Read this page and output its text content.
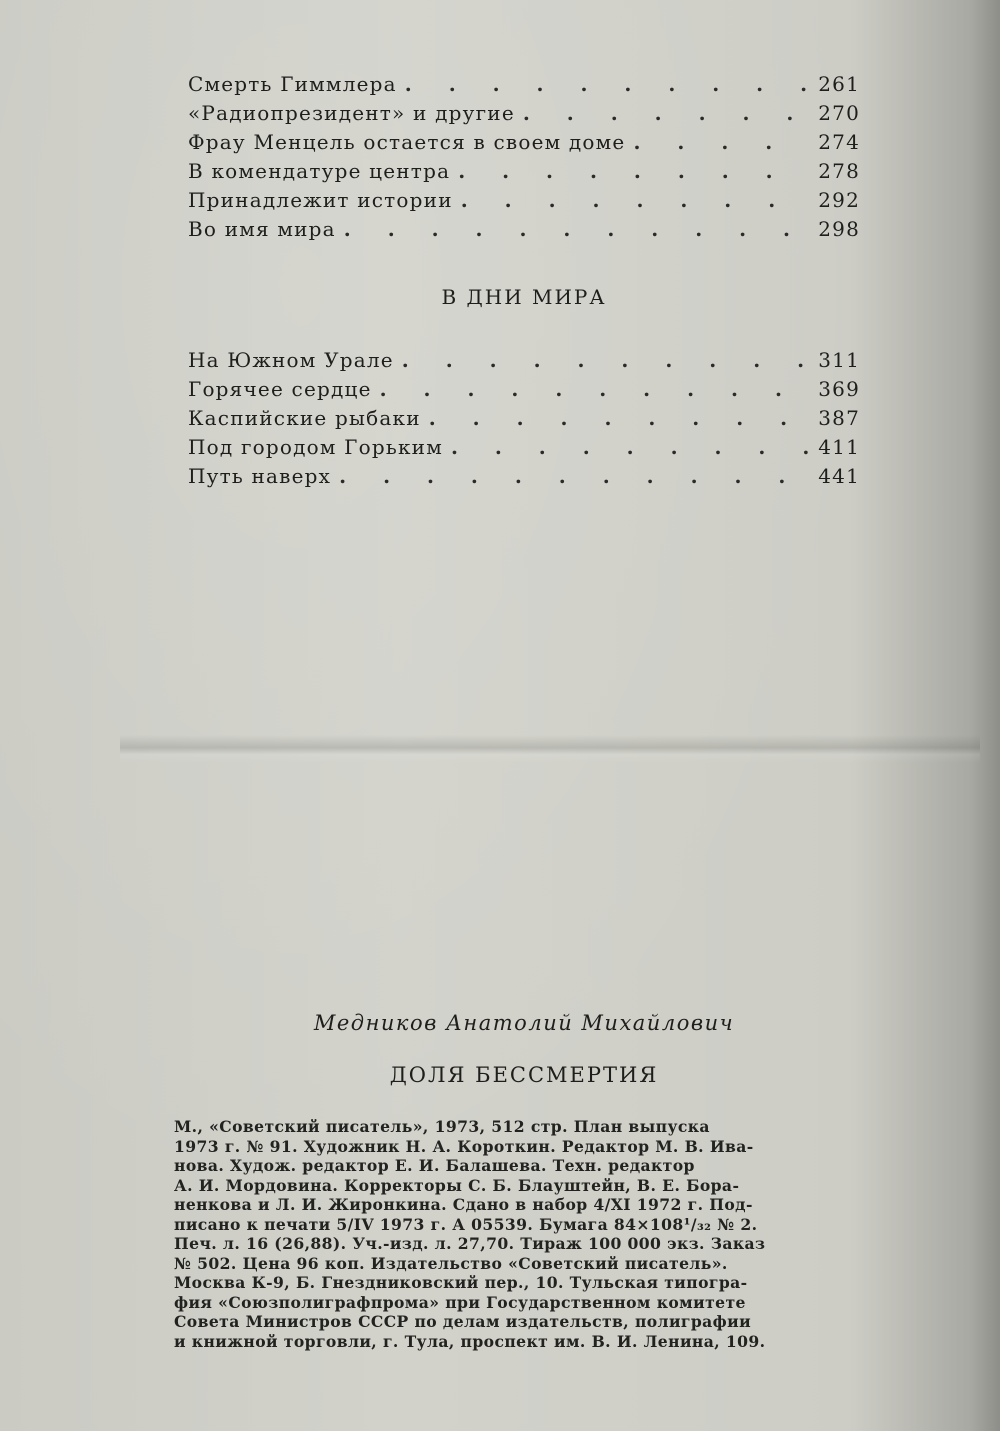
Смерть Гиммлера . . .	261
«Радиопрезидент» и другие . . .	270
Фрау Менцель остается в своем доме . . .	274
В комендатуре центра . . .	278
Принадлежит истории . . .	292
Во имя мира . . .	298
В ДНИ МИРА
На Южном Урале . . .	311
Горячее сердце . . .	369
Каспийские рыбаки . . .	387
Под городом Горьким . . .	411
Путь наверх . . .	441
Медников Анатолий Михайлович
ДОЛЯ БЕССМЕРТИЯ
М., «Советский писатель», 1973, 512 стр. План выпуска
1973 г. № 91. Художник Н. А. Короткин. Редактор М. В. Ива-
нова. Худож. редактор Е. И. Балашева. Техн. редактор
А. И. Мордовина. Корректоры С. Б. Блауштейн, В. Е. Бора-
ненкова и Л. И. Жиронкина. Сдано в набор 4/XI 1972 г. Под-
писано к печати 5/IV 1973 г. А 05539. Бумага 84×108¹/₃₂ № 2.
Печ. л. 16 (26,88). Уч.-изд. л. 27,70. Тираж 100 000 экз. Заказ
№ 502. Цена 96 коп. Издательство «Советский писатель».
Москва К-9, Б. Гнездниковский пер., 10. Тульская типогра-
фия «Союзполиграфпрома» при Государственном комитете
Совета Министров СССР по делам издательств, полиграфии
и книжной торговли, г. Тула, проспект им. В. И. Ленина, 109.
